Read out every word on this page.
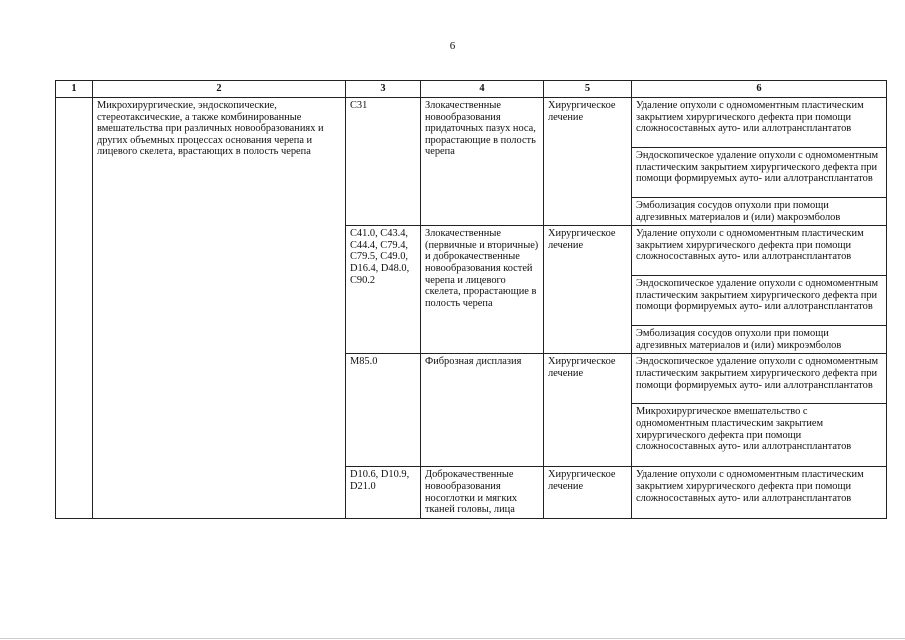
6
1	2	3	4	5	6

	Микрохирургические, эндоскопические, стереотаксические, а также комбинированные вмешательства при различных новообразованиях и других объемных процессах основания черепа и лицевого скелета, врастающих в полость черепа	C31	Злокачественные новообразования придаточных пазух носа, прорастающие в полость черепа	Хирургическое лечение	Удаление опухоли с одномоментным пластическим закрытием хирургического дефекта при помощи сложносоставных ауто- или аллотрансплантатов

					Эндоскопическое удаление опухоли с одномоментным пластическим закрытием хирургического дефекта при помощи формируемых ауто- или аллотрансплантатов

					Эмболизация сосудов опухоли при помощи адгезивных материалов и (или) макроэмболов

		C41.0, C43.4, C44.4, C79.4, C79.5, C49.0, D16.4, D48.0, C90.2	Злокачественные (первичные и вторичные) и доброкачественные новообразования костей черепа и лицевого скелета, прорастающие в полость черепа	Хирургическое лечение	Удаление опухоли с одномоментным пластическим закрытием хирургического дефекта при помощи сложносоставных ауто- или аллотрансплантатов

					Эндоскопическое удаление опухоли с одномоментным пластическим закрытием хирургического дефекта при помощи формируемых ауто- или аллотрансплантатов

					Эмболизация сосудов опухоли при помощи адгезивных материалов и (или) микроэмболов

		M85.0	Фиброзная дисплазия	Хирургическое лечение	Эндоскопическое удаление опухоли с одномоментным пластическим закрытием хирургического дефекта при помощи формируемых ауто- или аллотрансплантатов

					Микрохирургическое вмешательство с одномоментным пластическим закрытием хирургического дефекта при помощи сложносоставных ауто- или аллотрансплантатов

		D10.6, D10.9, D21.0	Доброкачественные новообразования носоглотки и мягких тканей головы, лица	Хирургическое лечение	Удаление опухоли с одномоментным пластическим закрытием хирургического дефекта при помощи сложносоставных ауто- или аллотрансплантатов
